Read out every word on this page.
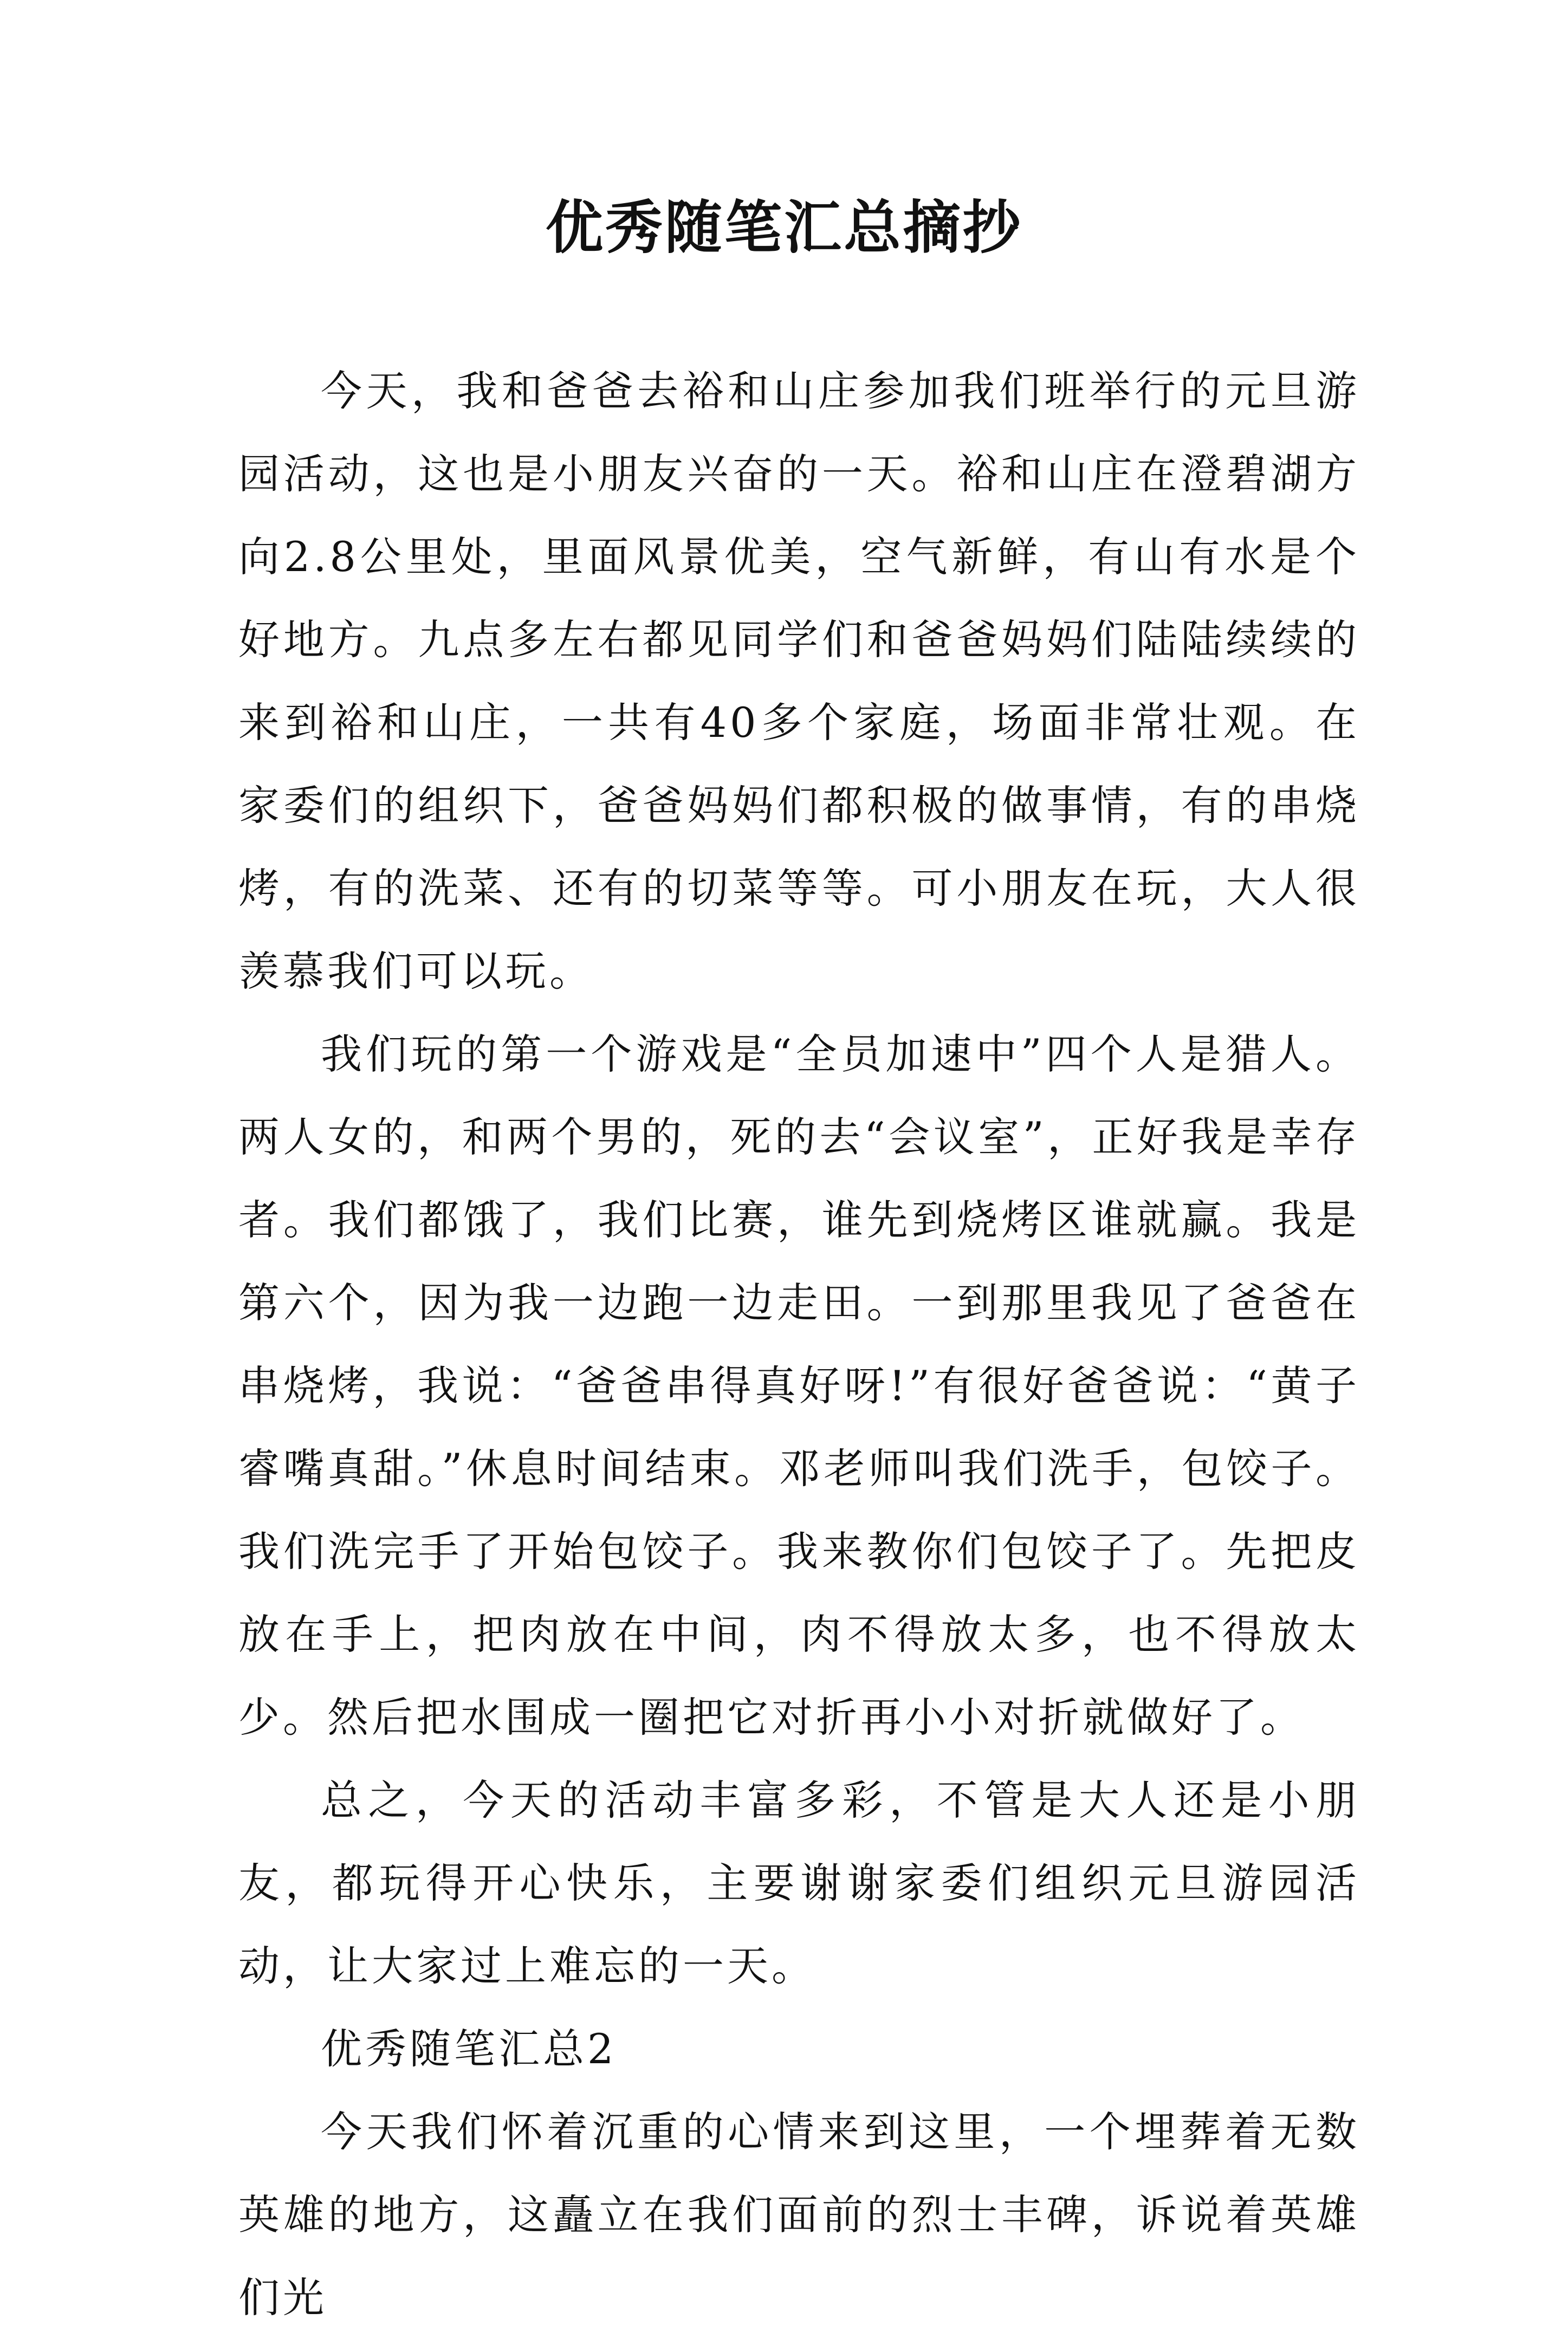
优秀随笔汇总摘抄

今天，我和爸爸去裕和山庄参加我们班举行的元旦游园活动，这也是小朋友兴奋的一天。裕和山庄在澄碧湖方向2.8公里处，里面风景优美，空气新鲜，有山有水是个好地方。九点多左右都见同学们和爸爸妈妈们陆陆续续的来到裕和山庄，一共有40多个家庭，场面非常壮观。在家委们的组织下，爸爸妈妈们都积极的做事情，有的串烧烤，有的洗菜、还有的切菜等等。可小朋友在玩，大人很羡慕我们可以玩。

我们玩的第一个游戏是“全员加速中”四个人是猎人。两人女的，和两个男的，死的去“会议室”，正好我是幸存者。我们都饿了，我们比赛，谁先到烧烤区谁就赢。我是第六个，因为我一边跑一边走田。一到那里我见了爸爸在串烧烤，我说：“爸爸串得真好呀!”有很好爸爸说：“黄子睿嘴真甜。”休息时间结束。邓老师叫我们洗手，包饺子。我们洗完手了开始包饺子。我来教你们包饺子了。先把皮放在手上，把肉放在中间，肉不得放太多，也不得放太少。然后把水围成一圈把它对折再小小对折就做好了。

总之，今天的活动丰富多彩，不管是大人还是小朋友，都玩得开心快乐，主要谢谢家委们组织元旦游园活动，让大家过上难忘的一天。

优秀随笔汇总2

今天我们怀着沉重的心情来到这里，一个埋葬着无数英雄的地方，这矗立在我们面前的烈士丰碑，诉说着英雄们光
